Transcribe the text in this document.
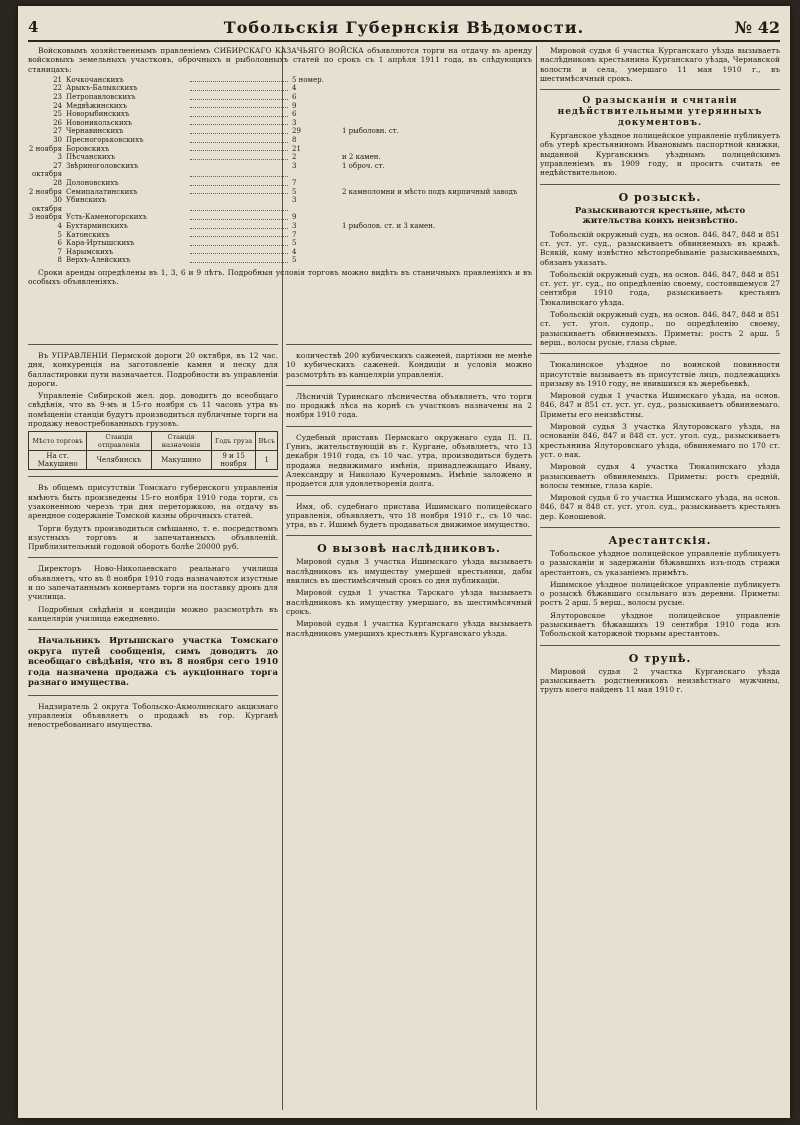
4	Тобольскія Губернскія Вѣдомости.	№ 42

Въ УПРАВЛЕНІИ Пермской дороги 20 октября, въ 12 час. дня, конкуренція на заготовленіе камня и песку для балластировки пути назначается. Подробности въ управленіи дороги.

Управленіе Сибирской жел. дор. доводитъ до всеобщаго свѣдѣнія, что въ 9-мъ и 15-го ноября съ 11 часовъ утра въ помѣщеніи станціи будутъ производиться публичные торги на продажу невостребованныхъ грузовъ.

Мѣсто торговъ	Станція отправленія	Станція назначенія	Годъ груза	Вѣсъ
На ст. Макушино	Челябинскъ	Макушино	9 и 15 ноября	1

Въ общемъ присутствіи Томскаго губернского управленія имѣютъ быть произведены 15-го ноября 1910 года торги, съ узаконенною черезъ три дня переторжкою, на отдачу въ арендное содержаніе Томской казны оброчныхъ статей.

Торги будутъ производиться смѣшанно, т. е. посредствомъ изустныхъ торговъ и запечатанныхъ объявленій. Приблизительный годовой оборотъ болѣе 20000 руб.

Директоръ Ново-Николаевскаго реальнаго училища объявляетъ, что въ 8 ноября 1910 года назначаются изустные и по запечатаннымъ конвертамъ торги на поставку дровъ для училища.

Подробныя свѣдѣнія и кондиціи можно разсмотрѣть въ канцеляріи училища ежедневно.

Начальникъ Иртышскаго участка Томскаго округа путей сообщенія, симъ доводитъ до всеобщаго свѣдѣнія, что въ 8 ноября сего 1910 года назначена продажа съ аукціоннаго торга разнаго имущества.

Надзиратель 2 округа Тобольско-Акмолинскаго акцизнаго управленія объявляетъ о продажѣ въ гор. Курганѣ невостребованнаго имущества.

Войсковымъ хозяйственнымъ правленіемъ СИБИРСКАГО КАЗАЧЬЯГО ВОЙСКА объявляются торги на отдачу въ аренду войсковыхъ земельныхъ участковъ, оброчныхъ и рыболовныхъ статей по срокъ съ 1 апрѣля 1911 года, въ слѣдующихъ станицахъ:

21 Кочкочанскихъ	5 номер.
22 Арыкъ-Балыкскихъ	4
23 Петропавловскихъ	6
24 Медвѣжинскихъ	9
25 Новорыбинскихъ	6
26 Новоникольскихъ	3
27 Чернавинскихъ	29	1 рыболовн. ст.
30 Пресногорьковскихъ	8
2 ноября Боровскихъ	21
3 Пѣсчанскихъ	2	и 2 камен.
27 октября
Звѣриноголовскихъ	3	1 оброч. ст.
28 Долоновскихъ	7
2 ноября Семипалатинскихъ	5	2 камноломни и мѣсто подъ кирпичный заводъ
30 октября
Убинскихъ	3
3 ноября Усть-Каменогорскихъ	9
4 Бухтарминскихъ	3	1 рыболов. ст. и 3 камен.
5 Катонскихъ	7
6 Кара-Иртышскихъ	5
7 Нарымскихъ	4
8 Верхъ-Алейскихъ	5

Сроки аренды опредѣлены въ 1, 3, 6 и 9 лѣтъ. Подробныя условія торговъ можно видѣть въ станичныхъ правленіяхъ и въ особыхъ объявленіяхъ.

количествѣ 200 кубическихъ саженей, партіями не менѣе 10 кубическихъ саженей. Кондиціи и условія можно разсмотрѣть въ канцеляріи управленія.

Лѣсничій Туринскаго лѣсничества объявляетъ, что торги по продажѣ лѣса на корнѣ съ участковъ назначены на 2 ноября 1910 года.

Судебный приставъ Пермскаго окружнаго суда П. П. Гуниъ, жительствующій въ г. Кургане, объявляетъ, что 13 декабря 1910 года, съ 10 час. утра, производиться будетъ продажа недвижимаго имѣнія, принадлежащаго Ивану, Александру и Николаю Кучеровымъ. Имѣніе заложено и продается для удовлетворенія долга.

Имя, об. судебнаго пристава Ишимскаго полицейскаго управленія, объявляетъ, что 18 ноября 1910 г., съ 10 час. утра, въ г. Ишимѣ будетъ продаваться движимое имущество.

О вызовѣ наслѣдниковъ.

Мировой судья 3 участка Ишимскаго уѣзда вызываетъ наслѣдниковъ къ имуществу умершей крестьянки, дабы явились въ шестимѣсячный срокъ со дня публикаціи.

Мировой судья 1 участка Тарскаго уѣзда вызываетъ наслѣдниковъ къ имуществу умершаго, въ шестимѣсячный срокъ.

Мировой судья 1 участка Курганскаго уѣзда вызываетъ наслѣдниковъ умершихъ крестьянъ Курганскаго уѣзда.

Мировой судья 6 участка Курганскаго уѣзда вызываетъ наслѣдниковъ крестьянина Курганскаго уѣзда, Чернавской волости и села, умершаго 11 мая 1910 г., въ шестимѣсячный срокъ.

О разысканіи и считаніи недѣйствительными утерянныхъ документовъ.

Курганское уѣздное полицейское управленіе публикуетъ объ утерѣ крестьяниномъ Ивановымъ паспортной книжки, выданной Курганскимъ уѣзднымъ полицейскимъ управленіемъ въ 1909 году, и проситъ считать ее недѣйствительною.

О розыскѣ.
Разыскиваются крестьяне, мѣсто жительства коихъ неизвѣстно.

Тобольскій окружный судъ, на основ. 846, 847, 848 и 851 ст. уст. уг. суд., разыскиваетъ обвиняемыхъ въ кражѣ. Всякій, кому извѣстно мѣстопребываніе разыскиваемыхъ, обязанъ указать.

Тобольскій окружный судъ, на основ. 846, 847, 848 и 851 ст. уст. уг. суд., по опредѣленію своему, состоявшемуся 27 сентября 1910 года, разыскиваетъ крестьянъ Тюкалинскаго уѣзда.

Тобольскій окружный судъ, на основ. 846, 847, 848 и 851 ст. уст. угол. судопр., по опредѣленію своему, разыскиваетъ обвиняемыхъ. Приметы: ростъ 2 арш. 5 верш., волосы русые, глаза сѣрые.

Тюкалинское уѣздное по воинской повинности присутствіе вызываетъ въ присутствіе лицъ, подлежащихъ призыву въ 1910 году, не явившихся къ жеребьевкѣ.

Мировой судья 1 участка Ишимскаго уѣзда, на основ. 846, 847 и 851 ст. уст. уг. суд., разыскиваетъ обвиняемаго. Приметы его неизвѣстны.

Мировой судья 3 участка Ялуторовскаго уѣзда, на основаніи 846, 847 и 848 ст. уст. угол. суд., разыскиваетъ крестьянина Ялуторовскаго уѣзда, обвиняемаго по 170 ст. уст. о нак.

Мировой судья 4 участка Тюкалинскаго уѣзда разыскиваетъ обвиняемыхъ. Приметы: ростъ средній, волосы темные, глаза каріе.

Мировой судья 6 го участка Ишимскаго уѣзда, на основ. 846, 847 и 848 ст. уст. угол. суд., разыскиваетъ крестьянъ дер. Коношевой.

Арестантскія.

Тобольское уѣздное полицейское управленіе публикуетъ о разысканіи и задержаніи бѣжавшихъ изъ-подъ стражи арестантовъ, съ указаніемъ примѣтъ.

Ишимское уѣздное полицейское управленіе публикуетъ о розыскѣ бѣжавшаго ссыльнаго изъ деревни. Приметы: ростъ 2 арш. 5 верш., волосы русые.

Ялуторовское уѣздное полицейское управленіе разыскиваетъ бѣжавшихъ 19 сентября 1910 года изъ Тобольской каторжной тюрьмы арестантовъ.

О трупѣ.

Мировой судья 2 участка Курганскаго уѣзда разыскиваетъ родственниковъ неизвѣстнаго мужчины, трупъ коего найденъ 11 мая 1910 г.
